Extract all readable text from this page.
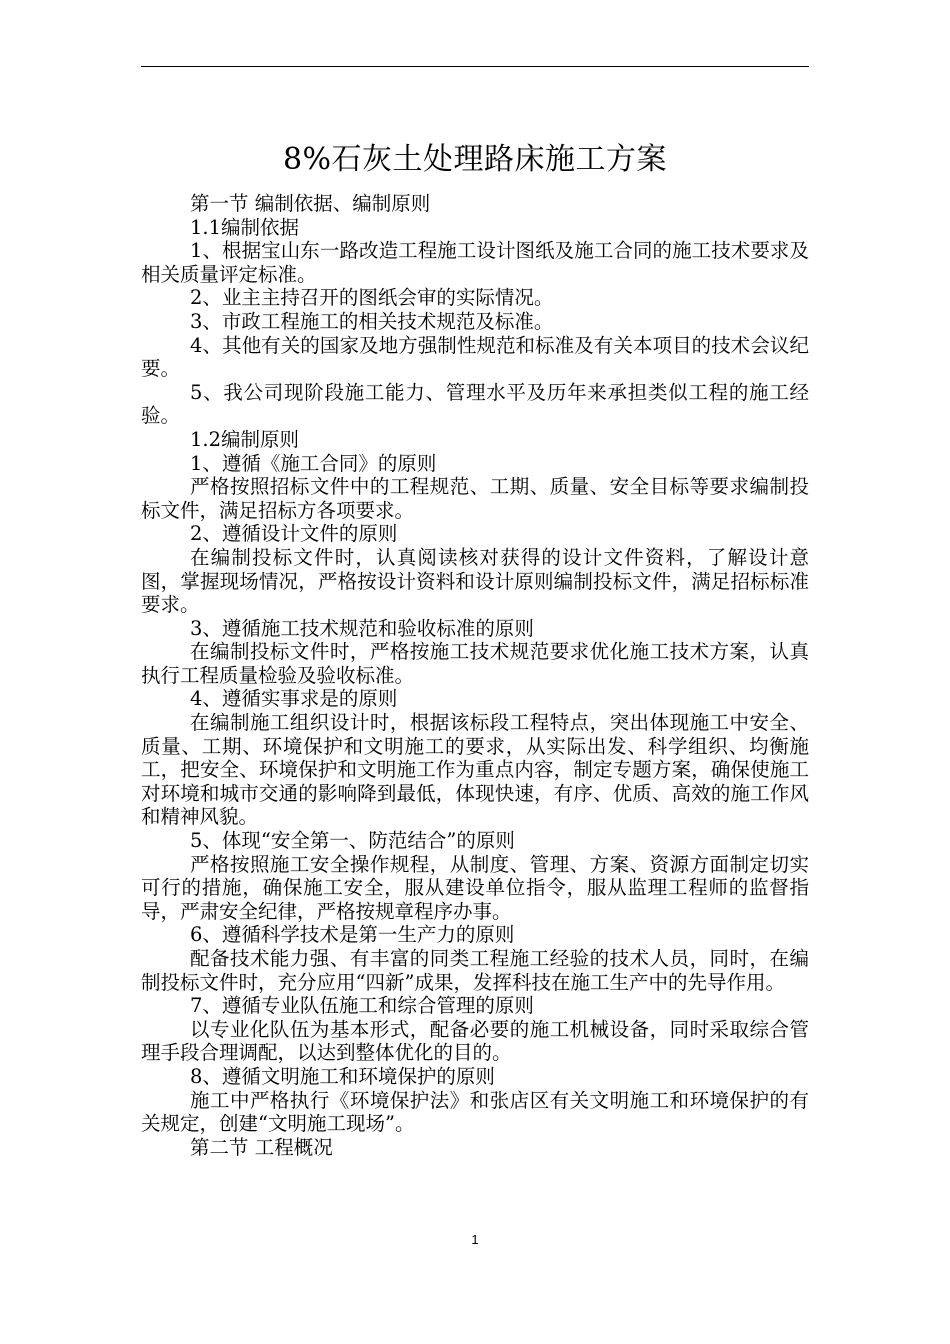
8%石灰土处理路床施工方案

第一节 编制依据、编制原则

1.1编制依据

1、根据宝山东一路改造工程施工设计图纸及施工合同的施工技术要求及相关质量评定标准。

2、业主主持召开的图纸会审的实际情况。

3、市政工程施工的相关技术规范及标准。

4、其他有关的国家及地方强制性规范和标准及有关本项目的技术会议纪要。

5、我公司现阶段施工能力、管理水平及历年来承担类似工程的施工经验。

1.2编制原则

1、遵循《施工合同》的原则

严格按照招标文件中的工程规范、工期、质量、安全目标等要求编制投标文件，满足招标方各项要求。

2、遵循设计文件的原则

在编制投标文件时，认真阅读核对获得的设计文件资料，了解设计意图，掌握现场情况，严格按设计资料和设计原则编制投标文件，满足招标标准要求。

3、遵循施工技术规范和验收标准的原则

在编制投标文件时，严格按施工技术规范要求优化施工技术方案，认真执行工程质量检验及验收标准。

4、遵循实事求是的原则

在编制施工组织设计时，根据该标段工程特点，突出体现施工中安全、质量、工期、环境保护和文明施工的要求，从实际出发、科学组织、均衡施工，把安全、环境保护和文明施工作为重点内容，制定专题方案，确保使施工对环境和城市交通的影响降到最低，体现快速，有序、优质、高效的施工作风和精神风貌。

5、体现“安全第一、防范结合”的原则

严格按照施工安全操作规程，从制度、管理、方案、资源方面制定切实可行的措施，确保施工安全，服从建设单位指令，服从监理工程师的监督指导，严肃安全纪律，严格按规章程序办事。

6、遵循科学技术是第一生产力的原则

配备技术能力强、有丰富的同类工程施工经验的技术人员，同时，在编制投标文件时，充分应用“四新”成果，发挥科技在施工生产中的先导作用。

7、遵循专业队伍施工和综合管理的原则

以专业化队伍为基本形式，配备必要的施工机械设备，同时采取综合管理手段合理调配，以达到整体优化的目的。

8、遵循文明施工和环境保护的原则

施工中严格执行《环境保护法》和张店区有关文明施工和环境保护的有关规定，创建“文明施工现场”。

第二节 工程概况

1
